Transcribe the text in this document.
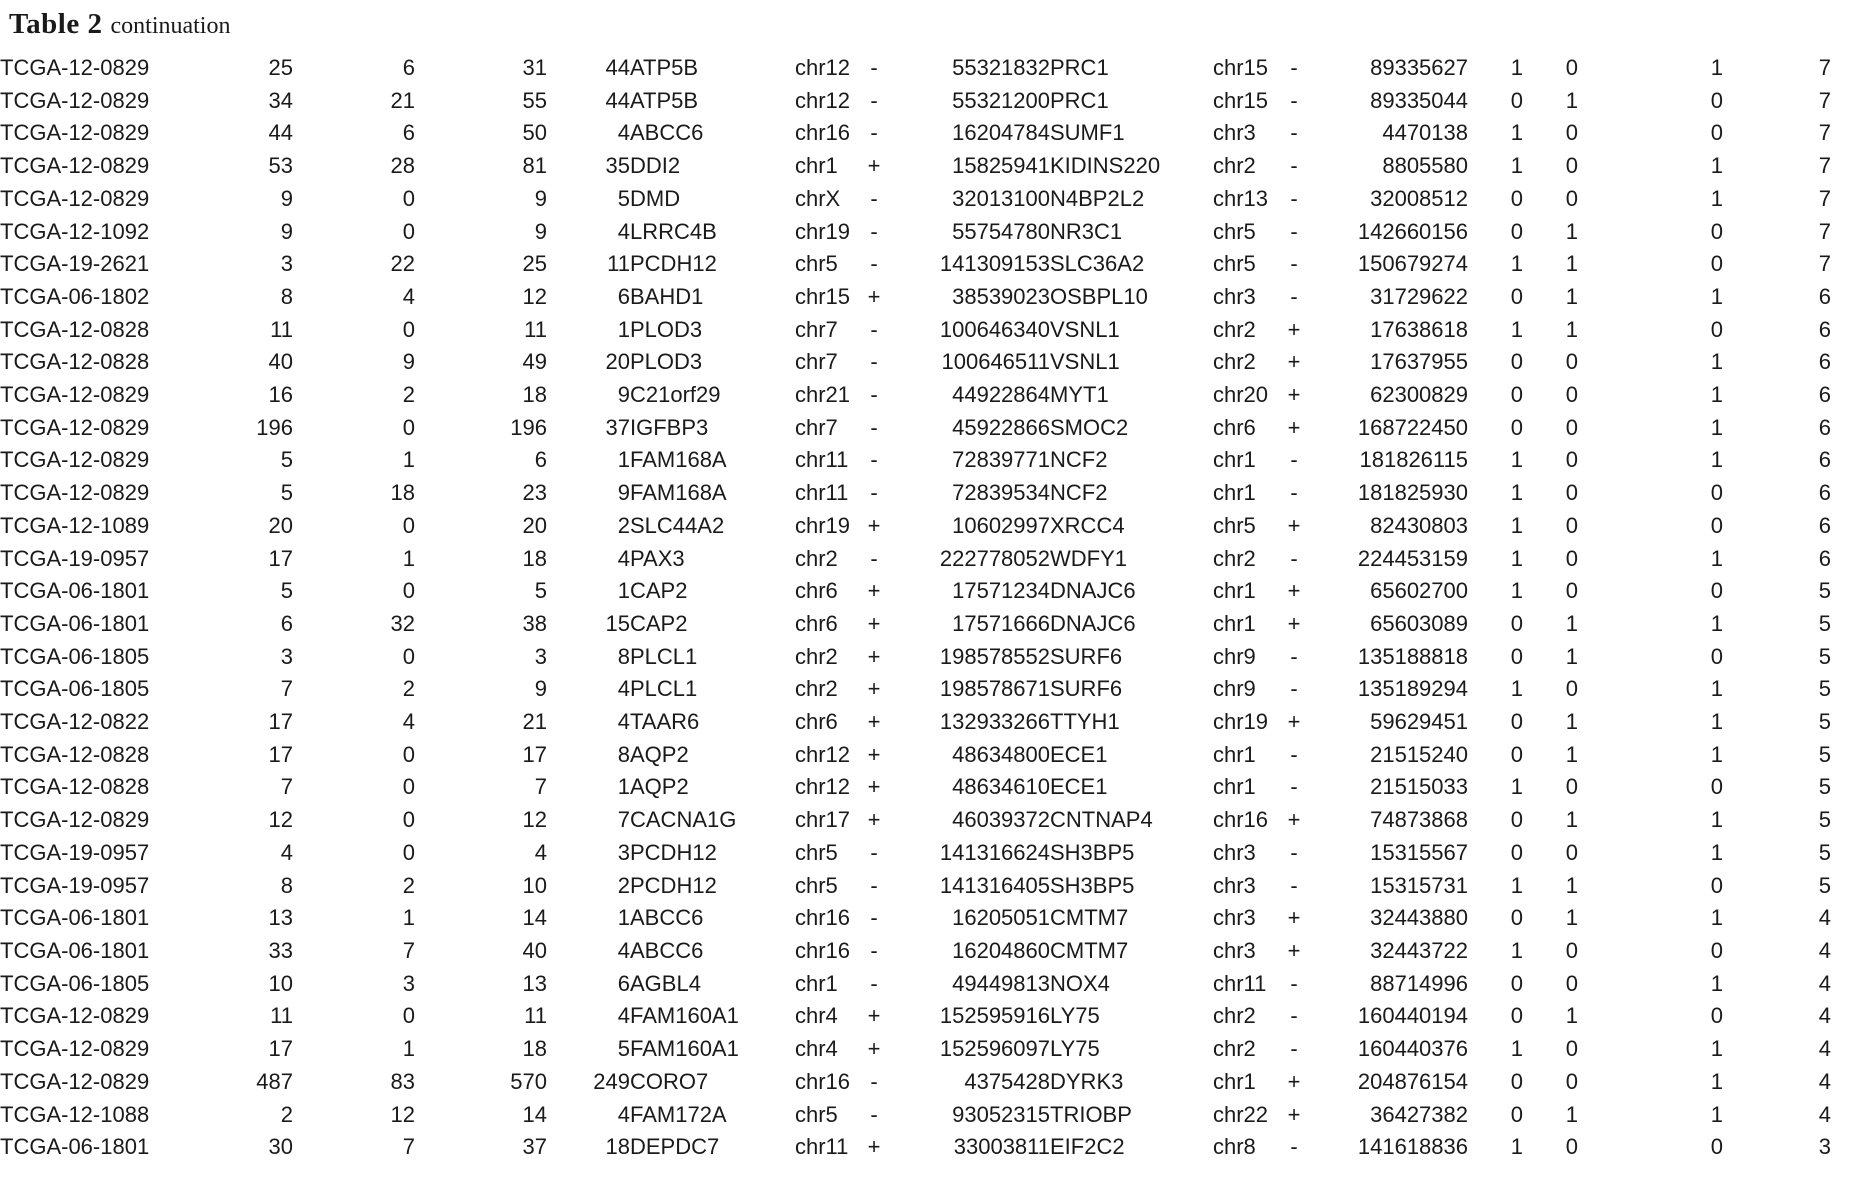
Table 2 continuation
TCGA-12-0829	25	6	31	44	ATP5B	chr12	-	55321832	PRC1	chr15	-	89335627	1	0	1	7	
TCGA-12-0829	34	21	55	44	ATP5B	chr12	-	55321200	PRC1	chr15	-	89335044	0	1	0	7	
TCGA-12-0829	44	6	50	4	ABCC6	chr16	-	16204784	SUMF1	chr3	-	4470138	1	0	0	7	
TCGA-12-0829	53	28	81	35	DDI2	chr1	+	15825941	KIDINS220	chr2	-	8805580	1	0	1	7	
TCGA-12-0829	9	0	9	5	DMD	chrX	-	32013100	N4BP2L2	chr13	-	32008512	0	0	1	7	
TCGA-12-1092	9	0	9	4	LRRC4B	chr19	-	55754780	NR3C1	chr5	-	142660156	0	1	0	7	
TCGA-19-2621	3	22	25	11	PCDH12	chr5	-	141309153	SLC36A2	chr5	-	150679274	1	1	0	7	
TCGA-06-1802	8	4	12	6	BAHD1	chr15	+	38539023	OSBPL10	chr3	-	31729622	0	1	1	6	
TCGA-12-0828	11	0	11	1	PLOD3	chr7	-	100646340	VSNL1	chr2	+	17638618	1	1	0	6	
TCGA-12-0828	40	9	49	20	PLOD3	chr7	-	100646511	VSNL1	chr2	+	17637955	0	0	1	6	
TCGA-12-0829	16	2	18	9	C21orf29	chr21	-	44922864	MYT1	chr20	+	62300829	0	0	1	6	
TCGA-12-0829	196	0	196	37	IGFBP3	chr7	-	45922866	SMOC2	chr6	+	168722450	0	0	1	6	
TCGA-12-0829	5	1	6	1	FAM168A	chr11	-	72839771	NCF2	chr1	-	181826115	1	0	1	6	
TCGA-12-0829	5	18	23	9	FAM168A	chr11	-	72839534	NCF2	chr1	-	181825930	1	0	0	6	
TCGA-12-1089	20	0	20	2	SLC44A2	chr19	+	10602997	XRCC4	chr5	+	82430803	1	0	0	6	
TCGA-19-0957	17	1	18	4	PAX3	chr2	-	222778052	WDFY1	chr2	-	224453159	1	0	1	6	
TCGA-06-1801	5	0	5	1	CAP2	chr6	+	17571234	DNAJC6	chr1	+	65602700	1	0	0	5	
TCGA-06-1801	6	32	38	15	CAP2	chr6	+	17571666	DNAJC6	chr1	+	65603089	0	1	1	5	
TCGA-06-1805	3	0	3	8	PLCL1	chr2	+	198578552	SURF6	chr9	-	135188818	0	1	0	5	
TCGA-06-1805	7	2	9	4	PLCL1	chr2	+	198578671	SURF6	chr9	-	135189294	1	0	1	5	
TCGA-12-0822	17	4	21	4	TAAR6	chr6	+	132933266	TTYH1	chr19	+	59629451	0	1	1	5	
TCGA-12-0828	17	0	17	8	AQP2	chr12	+	48634800	ECE1	chr1	-	21515240	0	1	1	5	
TCGA-12-0828	7	0	7	1	AQP2	chr12	+	48634610	ECE1	chr1	-	21515033	1	0	0	5	
TCGA-12-0829	12	0	12	7	CACNA1G	chr17	+	46039372	CNTNAP4	chr16	+	74873868	0	1	1	5	
TCGA-19-0957	4	0	4	3	PCDH12	chr5	-	141316624	SH3BP5	chr3	-	15315567	0	0	1	5	
TCGA-19-0957	8	2	10	2	PCDH12	chr5	-	141316405	SH3BP5	chr3	-	15315731	1	1	0	5	
TCGA-06-1801	13	1	14	1	ABCC6	chr16	-	16205051	CMTM7	chr3	+	32443880	0	1	1	4	
TCGA-06-1801	33	7	40	4	ABCC6	chr16	-	16204860	CMTM7	chr3	+	32443722	1	0	0	4	
TCGA-06-1805	10	3	13	6	AGBL4	chr1	-	49449813	NOX4	chr11	-	88714996	0	0	1	4	
TCGA-12-0829	11	0	11	4	FAM160A1	chr4	+	152595916	LY75	chr2	-	160440194	0	1	0	4	
TCGA-12-0829	17	1	18	5	FAM160A1	chr4	+	152596097	LY75	chr2	-	160440376	1	0	1	4	
TCGA-12-0829	487	83	570	249	CORO7	chr16	-	4375428	DYRK3	chr1	+	204876154	0	0	1	4	
TCGA-12-1088	2	12	14	4	FAM172A	chr5	-	93052315	TRIOBP	chr22	+	36427382	0	1	1	4	
TCGA-06-1801	30	7	37	18	DEPDC7	chr11	+	33003811	EIF2C2	chr8	-	141618836	1	0	0	3	
